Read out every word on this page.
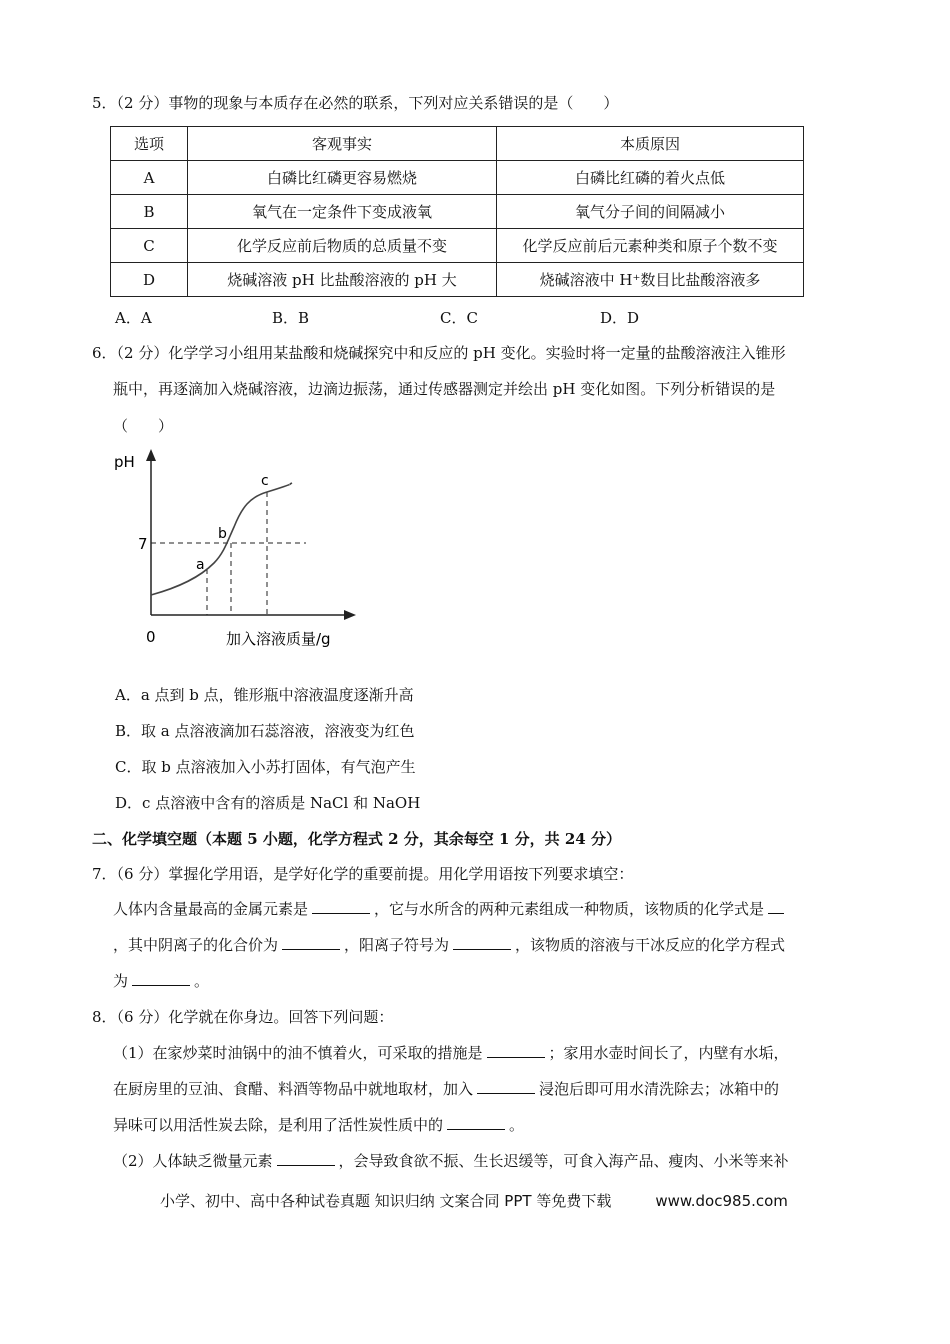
5．（2 分）事物的现象与本质存在必然的联系，下列对应关系错误的是（　　）
选项	客观事实	本质原因
A	白磷比红磷更容易燃烧	白磷比红磷的着火点低
B	氧气在一定条件下变成液氧	氧气分子间的间隔减小
C	化学反应前后物质的总质量不变	化学反应前后元素种类和原子个数不变
D	烧碱溶液 pH 比盐酸溶液的 pH 大	烧碱溶液中 H⁺数目比盐酸溶液多
A．A	B．B	C．C	D．D
6．（2 分）化学学习小组用某盐酸和烧碱探究中和反应的 pH 变化。实验时将一定量的盐酸溶液注入锥形
瓶中，再逐滴加入烧碱溶液，边滴边振荡，通过传感器测定并绘出 pH 变化如图。下列分析错误的是
（　　）
pH
7
0	加入溶液质量/g
a
b
c
A．a 点到 b 点，锥形瓶中溶液温度逐渐升高
B．取 a 点溶液滴加石蕊溶液，溶液变为红色
C．取 b 点溶液加入小苏打固体，有气泡产生
D．c 点溶液中含有的溶质是 NaCl 和 NaOH
二、化学填空题（本题 5 小题，化学方程式 2 分，其余每空 1 分，共 24 分）
7．（6 分）掌握化学用语，是学好化学的重要前提。用化学用语按下列要求填空：
人体内含量最高的金属元素是	，它与水所含的两种元素组成一种物质，该物质的化学式是
，其中阴离子的化合价为	，阳离子符号为	，该物质的溶液与干冰反应的化学方程式
为	。
8．（6 分）化学就在你身边。回答下列问题：
（1）在家炒菜时油锅中的油不慎着火，可采取的措施是	；家用水壶时间长了，内壁有水垢，
在厨房里的豆油、食醋、料酒等物品中就地取材，加入	浸泡后即可用水清洗除去；冰箱中的
异味可以用活性炭去除，是利用了活性炭性质中的	。
（2）人体缺乏微量元素	，会导致食欲不振、生长迟缓等，可食入海产品、瘦肉、小米等来补
小学、初中、高中各种试卷真题 知识归纳 文案合同 PPT 等免费下载	www.doc985.com
